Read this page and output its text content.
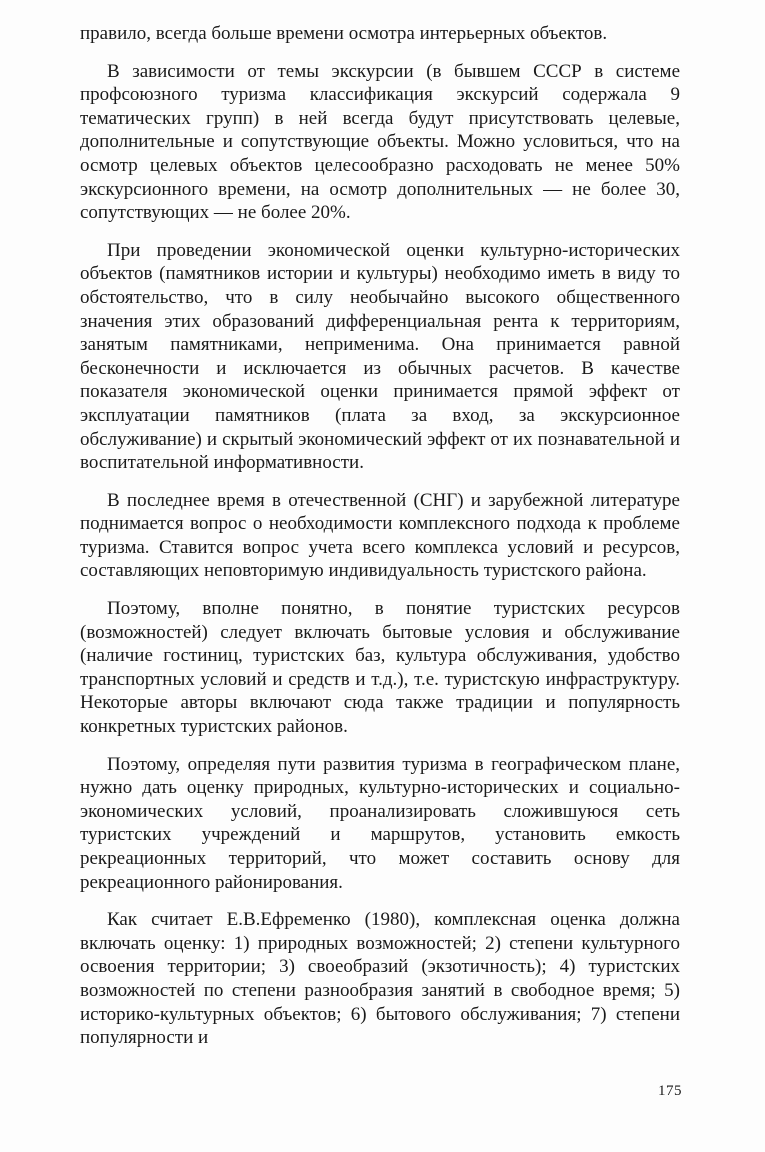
правило, всегда больше времени осмотра интерьерных объектов.

В зависимости от темы экскурсии (в бывшем СССР в системе профсоюзного туризма классификация экскурсий содержала 9 тематических групп) в ней всегда будут присутствовать целевые, дополнительные и сопутствующие объекты. Можно условиться, что на осмотр целевых объектов целесообразно расходовать не менее 50% экскурсионного времени, на осмотр дополнительных — не более 30, сопутствующих — не более 20%.

При проведении экономической оценки культурно-исторических объектов (памятников истории и культуры) необходимо иметь в виду то обстоятельство, что в силу необычайно высокого общественного значения этих образований дифференциальная рента к территориям, занятым памятниками, неприменима. Она принимается равной бесконечности и исключается из обычных расчетов. В качестве показателя экономической оценки принимается прямой эффект от эксплуатации памятников (плата за вход, за экскурсионное обслуживание) и скрытый экономический эффект от их познавательной и воспитательной информативности.

В последнее время в отечественной (СНГ) и зарубежной литературе поднимается вопрос о необходимости комплексного подхода к проблеме туризма. Ставится вопрос учета всего комплекса условий и ресурсов, составляющих неповторимую индивидуальность туристского района.

Поэтому, вполне понятно, в понятие туристских ресурсов (возможностей) следует включать бытовые условия и обслуживание (наличие гостиниц, туристских баз, культура обслуживания, удобство транспортных условий и средств и т.д.), т.е. туристскую инфраструктуру. Некоторые авторы включают сюда также традиции и популярность конкретных туристских районов.

Поэтому, определяя пути развития туризма в географическом плане, нужно дать оценку природных, культурно-исторических и социально-экономических условий, проанализировать сложившуюся сеть туристских учреждений и маршрутов, установить емкость рекреационных территорий, что может составить основу для рекреационного районирования.

Как считает Е.В.Ефременко (1980), комплексная оценка должна включать оценку: 1) природных возможностей; 2) степени культурного освоения территории; 3) своеобразий (экзотичность); 4) туристских возможностей по степени разнообразия занятий в свободное время; 5) историко-культурных объектов; 6) бытового обслуживания; 7) степени популярности и

175
